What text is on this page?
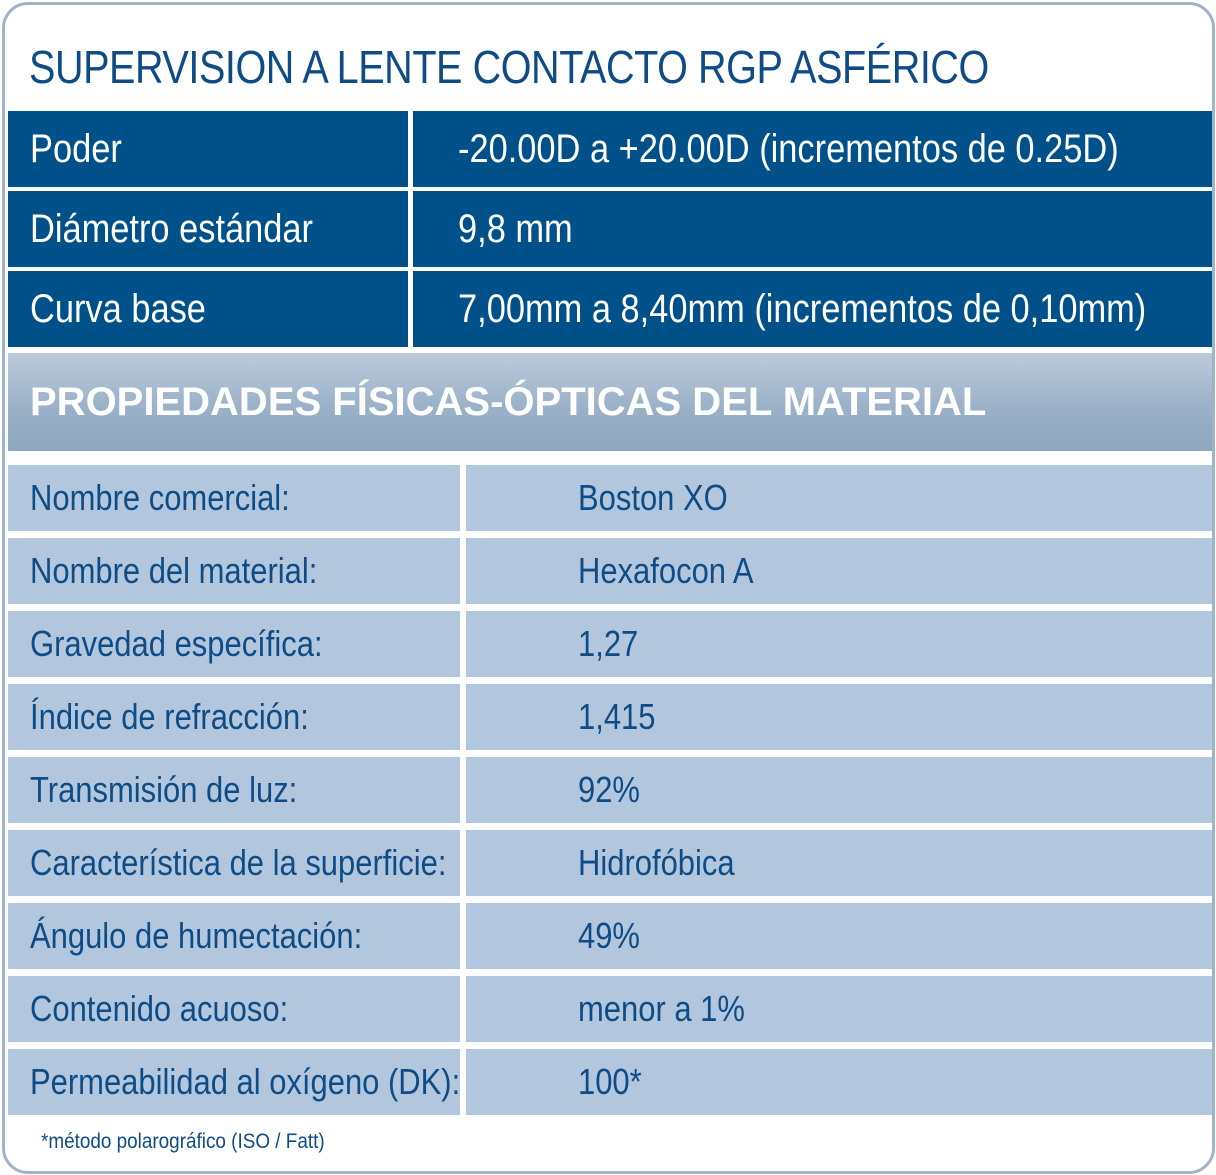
SUPERVISION A LENTE CONTACTO RGP ASFÉRICO
Poder	-20.00D a +20.00D (incrementos de 0.25D)
Diámetro estándar	9,8 mm
Curva base	7,00mm a 8,40mm (incrementos de 0,10mm)
PROPIEDADES FÍSICAS-ÓPTICAS DEL MATERIAL
Nombre comercial:	Boston XO
Nombre del material:	Hexafocon A
Gravedad específica:	1,27
Índice de refracción:	1,415
Transmisión de luz:	92%
Característica de la superficie:	Hidrofóbica
Ángulo de humectación:	49%
Contenido acuoso:	menor a 1%
Permeabilidad al oxígeno (DK):	100*
*método polarográfico (ISO / Fatt)
